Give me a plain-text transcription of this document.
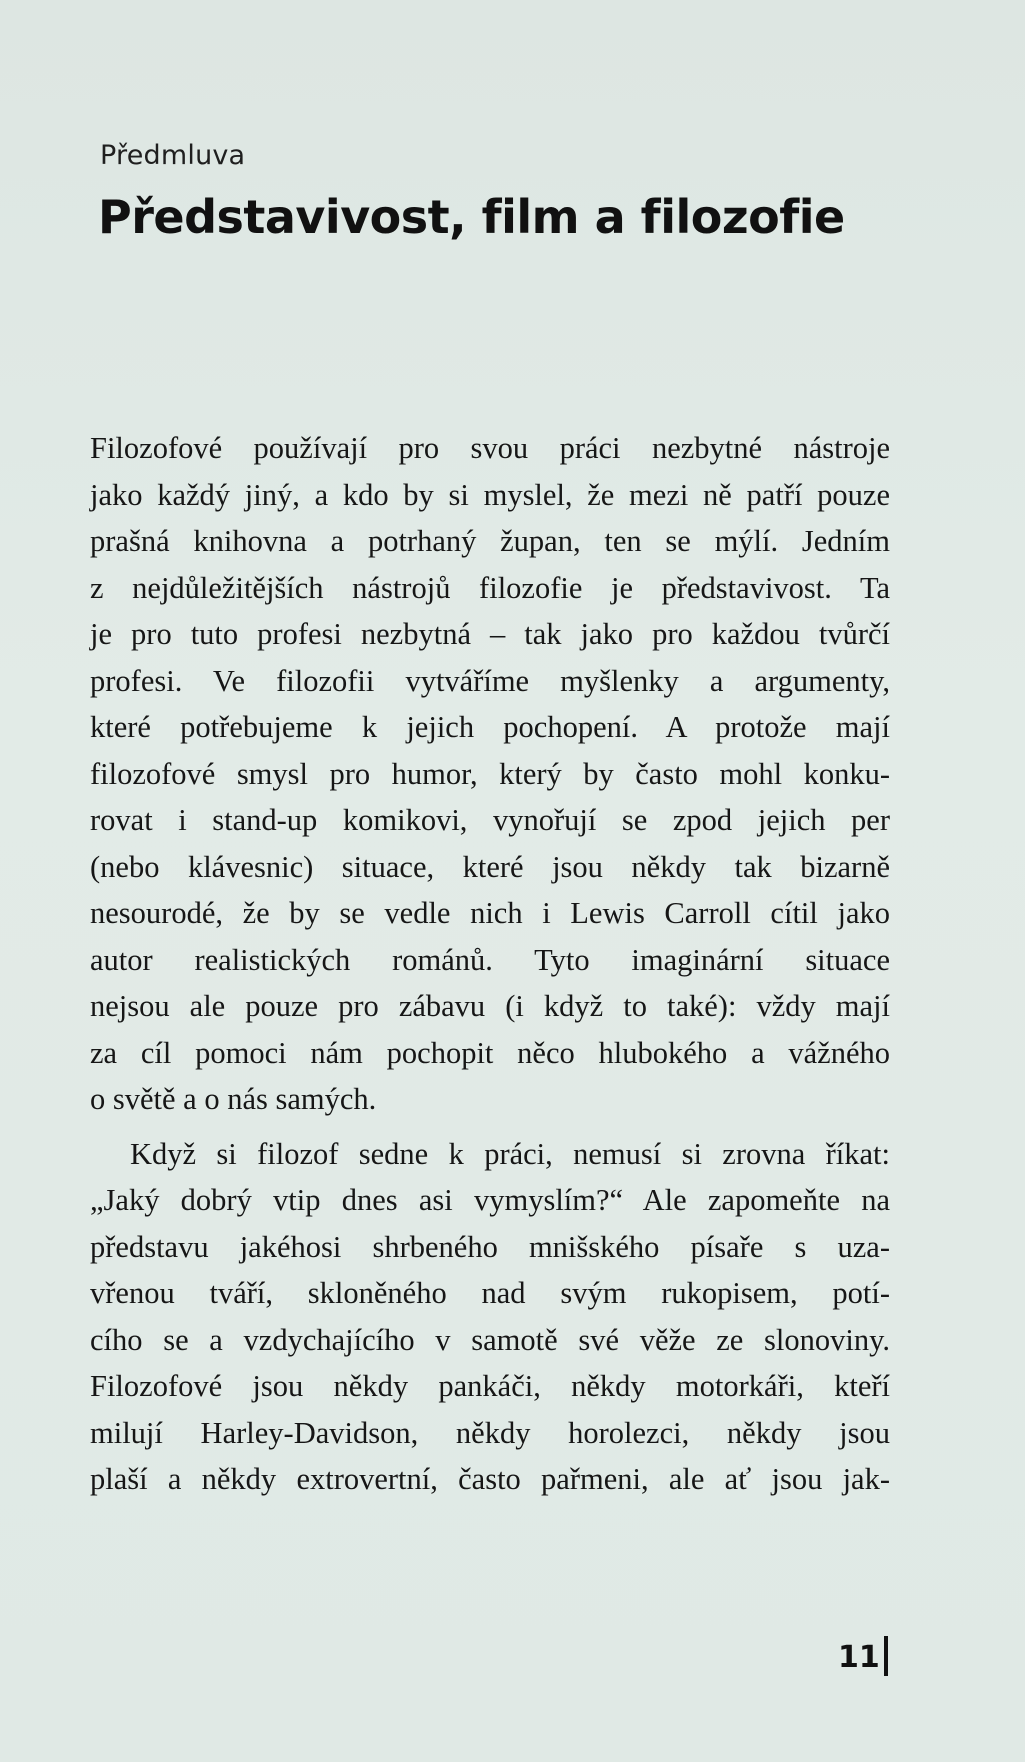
Předmluva
Představivost, film a filozofie
Filozofové používají pro svou práci nezbytné nástroje
jako každý jiný, a kdo by si myslel, že mezi ně patří pouze
prašná knihovna a potrhaný župan, ten se mýlí. Jedním
z nejdůležitějších nástrojů filozofie je představivost. Ta
je pro tuto profesi nezbytná – tak jako pro každou tvůrčí
profesi. Ve filozofii vytváříme myšlenky a argumenty,
které potřebujeme k jejich pochopení. A protože mají
filozofové smysl pro humor, který by často mohl konku-
rovat i stand-up komikovi, vynořují se zpod jejich per
(nebo klávesnic) situace, které jsou někdy tak bizarně
nesourodé, že by se vedle nich i Lewis Carroll cítil jako
autor realistických románů. Tyto imaginární situace
nejsou ale pouze pro zábavu (i když to také): vždy mají
za cíl pomoci nám pochopit něco hlubokého a vážného
o světě a o nás samých.
Když si filozof sedne k práci, nemusí si zrovna říkat:
„Jaký dobrý vtip dnes asi vymyslím?“ Ale zapomeňte na
představu jakéhosi shrbeného mnišského písaře s uza-
vřenou tváří, skloněného nad svým rukopisem, potí-
cího se a vzdychajícího v samotě své věže ze slonoviny.
Filozofové jsou někdy pankáči, někdy motorkáři, kteří
milují Harley-Davidson, někdy horolezci, někdy jsou
plaší a někdy extrovertní, často pařmeni, ale ať jsou jak-
11
